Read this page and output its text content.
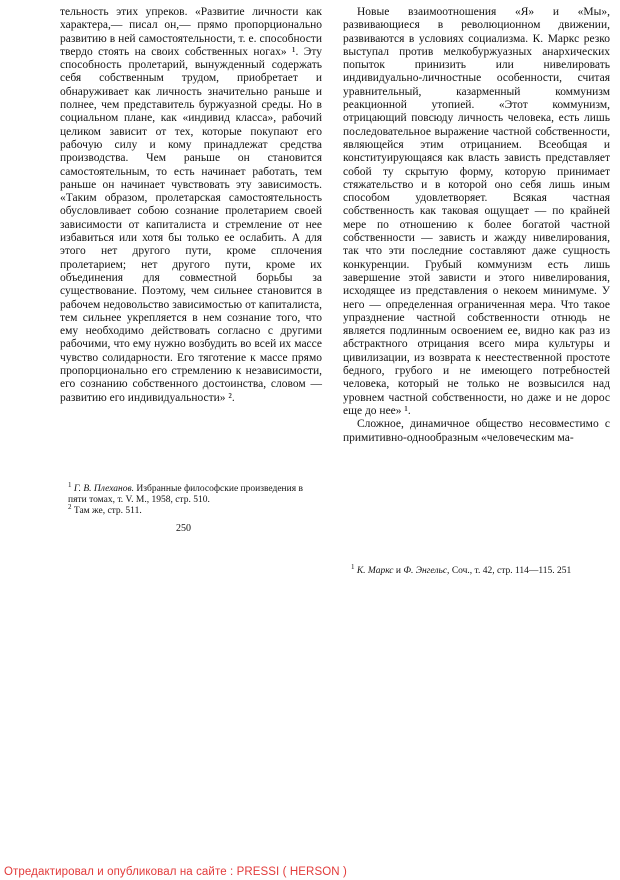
тельность этих упреков. «Развитие личности как характера,— писал он,— прямо пропорционально развитию в ней самостоятельности, т. е. способности твердо стоять на своих собственных ногах» ¹. Эту способность пролетарий, вынужденный содержать себя собственным трудом, приобретает и обнаруживает как личность значительно раньше и полнее, чем представитель буржуазной среды. Но в социальном плане, как «индивид класса», рабочий целиком зависит от тех, которые покупают его рабочую силу и кому принадлежат средства производства. Чем раньше он становится самостоятельным, то есть начинает работать, тем раньше он начинает чувствовать эту зависимость. «Таким образом, пролетарская самостоятельность обусловливает собою сознание пролетарием своей зависимости от капиталиста и стремление от нее избавиться или хотя бы только ее ослабить. А для этого нет другого пути, кроме сплочения пролетарием; нет другого пути, кроме их объединения для совместной борьбы за существование. Поэтому, чем сильнее становится в рабочем недовольство зависимостью от капиталиста, тем сильнее укрепляется в нем сознание того, что ему необходимо действовать согласно с другими рабочими, что ему нужно возбудить во всей их массе чувство солидарности. Его тяготение к массе прямо пропорционально его стремлению к независимости, его сознанию собственного достоинства, словом — развитию его индивидуальности» ².

$^1$ Г. В. Плеханов. Избранные философские произведения в пяти томах, т. V. М., 1958, стр. 510.

$^2$ Там же, стр. 511.

250

Новые взаимоотношения «Я» и «Мы», развивающиеся в революционном движении, развиваются в условиях социализма. К. Маркс резко выступал против мелкобуржуазных анархических попыток принизить или нивелировать индивидуально-личностные особенности, считая уравнительный, казарменный коммунизм реакционной утопией. «Этот коммунизм, отрицающий повсюду личность человека, есть лишь последовательное выражение частной собственности, являющейся этим отрицанием. Всеобщая и конституирующаяся как власть зависть представляет собой ту скрытую форму, которую принимает стяжательство и в которой оно себя лишь иным способом удовлетворяет. Всякая частная собственность как таковая ощущает — по крайней мере по отношению к более богатой частной собственности — зависть и жажду нивелирования, так что эти последние составляют даже сущность конкуренции. Грубый коммунизм есть лишь завершение этой зависти и этого нивелирования, исходящее из представления о некоем минимуме. У него — определенная ограниченная мера. Что такое упразднение частной собственности отнюдь не является подлинным освоением ее, видно как раз из абстрактного отрицания всего мира культуры и цивилизации, из возврата к неестественной простоте бедного, грубого и не имеющего потребностей человека, который не только не возвысился над уровнем частной собственности, но даже и не дорос еще до нее» ¹.

Сложное, динамичное общество несовместимо с примитивно-однообразным «человеческим ма-

$^1$ К. Маркс и Ф. Энгельс, Соч., т. 42, стр. 114—115. 251

Отредактировал и опубликовал на сайте : PRESSI ( HERSON )
